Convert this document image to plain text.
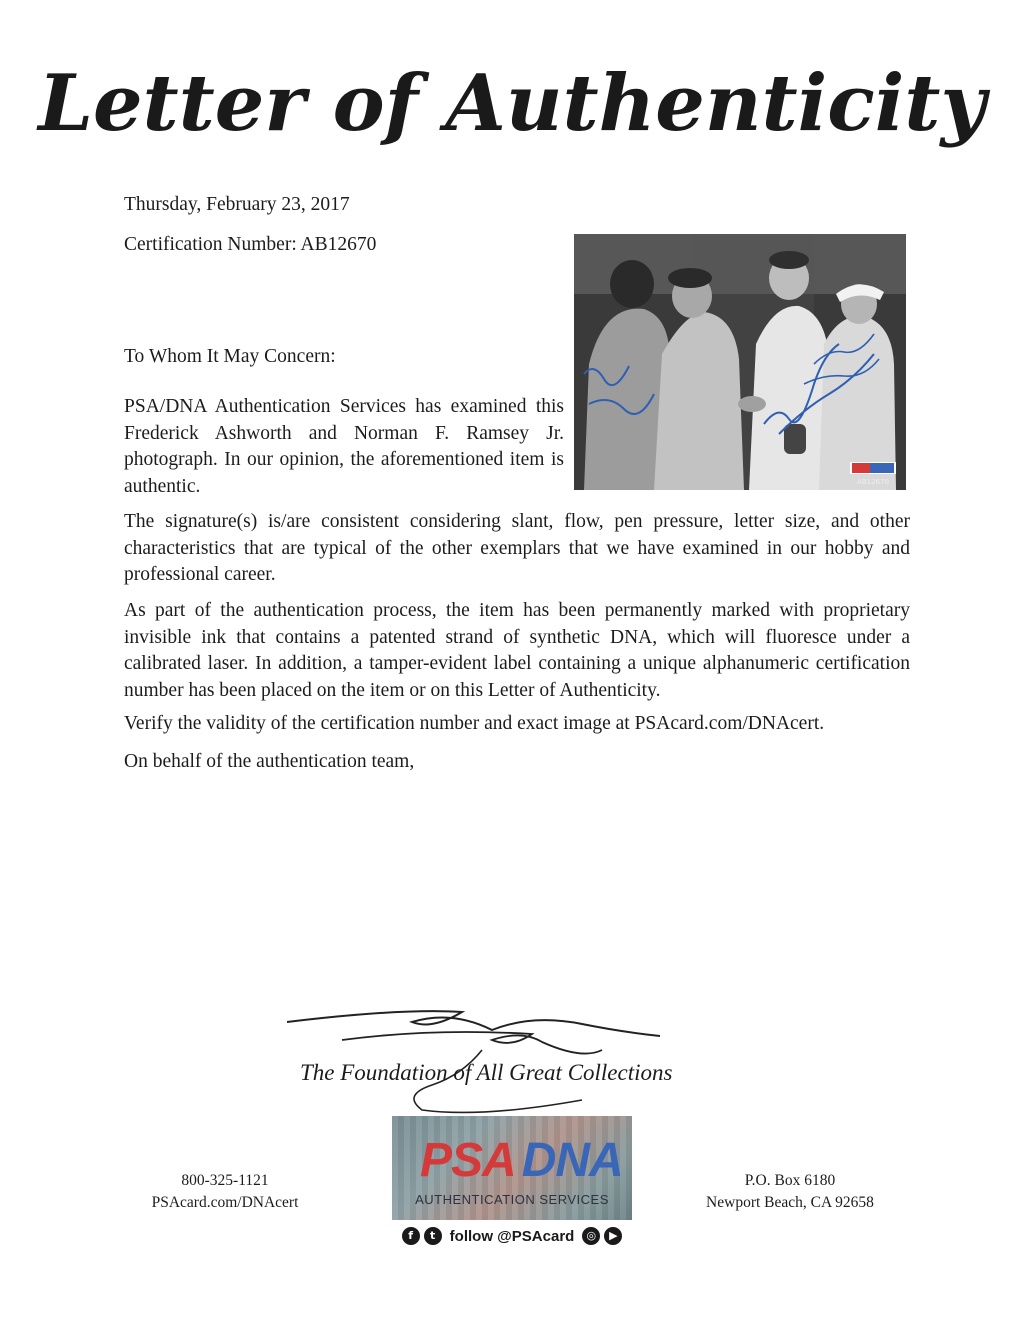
Letter of Authenticity

Thursday, February 23, 2017

Certification Number: AB12670

To Whom It May Concern:

PSA/DNA Authentication Services has examined this Frederick Ashworth and Norman F. Ramsey Jr. photograph. In our opinion, the aforementioned item is authentic.	AB12670

The signature(s) is/are consistent considering slant, flow, pen pressure, letter size, and other characteristics that are typical of the other exemplars that we have examined in our hobby and professional career.

As part of the authentication process, the item has been permanently marked with proprietary invisible ink that contains a patented strand of synthetic DNA, which will fluoresce under a calibrated laser. In addition, a tamper-evident label containing a unique alphanumeric certification number has been placed on the item or on this Letter of Authenticity.

Verify the validity of the certification number and exact image at PSAcard.com/DNAcert.

On behalf of the authentication team,

The Foundation of All Great Collections
PSA DNA
AUTHENTICATION SERVICES
f	t follow @PSAcard	◎	▶
800-325-1121
PSAcard.com/DNAcert
P.O. Box 6180
Newport Beach, CA 92658
